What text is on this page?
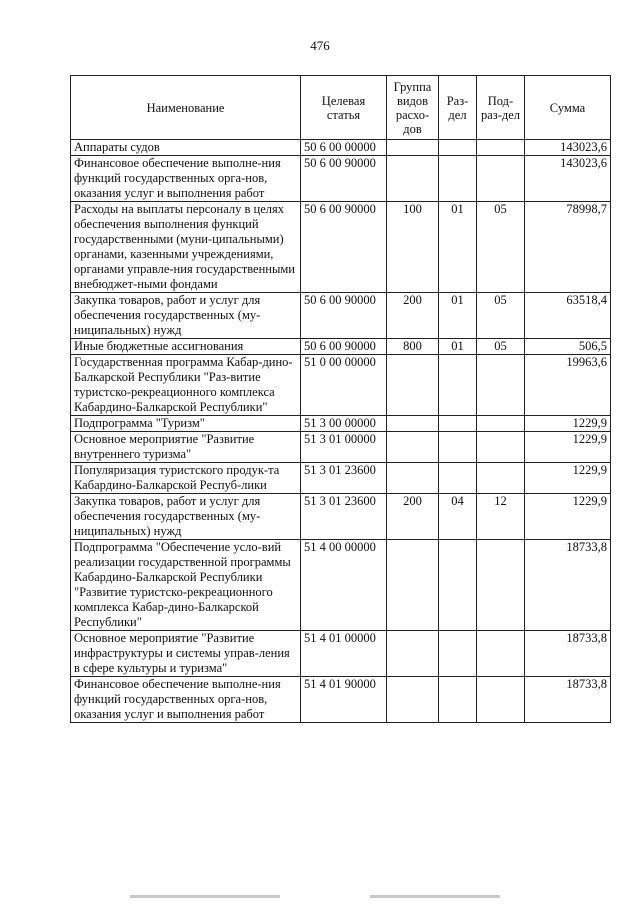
476
Наименование	Целевая статья	Группа видов расхо-дов	Раз-дел	Под-раз-дел	Сумма
Аппараты судов	50 6 00 00000				143023,6
Финансовое обеспечение выполне-ния функций государственных орга-нов, оказания услуг и выполнения работ	50 6 00 90000				143023,6
Расходы на выплаты персоналу в целях обеспечения выполнения функций государственными (муни-ципальными) органами, казенными учреждениями, органами управле-ния государственными внебюджет-ными фондами	50 6 00 90000	100	01	05	78998,7
Закупка товаров, работ и услуг для обеспечения государственных (му-ниципальных) нужд	50 6 00 90000	200	01	05	63518,4
Иные бюджетные ассигнования	50 6 00 90000	800	01	05	506,5
Государственная программа Кабар-дино-Балкарской Республики "Раз-витие туристско-рекреационного комплекса Кабардино-Балкарской Республики"	51 0 00 00000				19963,6
Подпрограмма "Туризм"	51 3 00 00000				1229,9
Основное мероприятие "Развитие внутреннего туризма"	51 3 01 00000				1229,9
Популяризация туристского продук-та Кабардино-Балкарской Респуб-лики	51 3 01 23600				1229,9
Закупка товаров, работ и услуг для обеспечения государственных (му-ниципальных) нужд	51 3 01 23600	200	04	12	1229,9
Подпрограмма "Обеспечение усло-вий реализации государственной программы Кабардино-Балкарской Республики "Развитие туристско-рекреационного комплекса Кабар-дино-Балкарской Республики"	51 4 00 00000				18733,8
Основное мероприятие "Развитие инфраструктуры и системы управ-ления в сфере культуры и туризма"	51 4 01 00000				18733,8
Финансовое обеспечение выполне-ния функций государственных орга-нов, оказания услуг и выполнения работ	51 4 01 90000				18733,8
